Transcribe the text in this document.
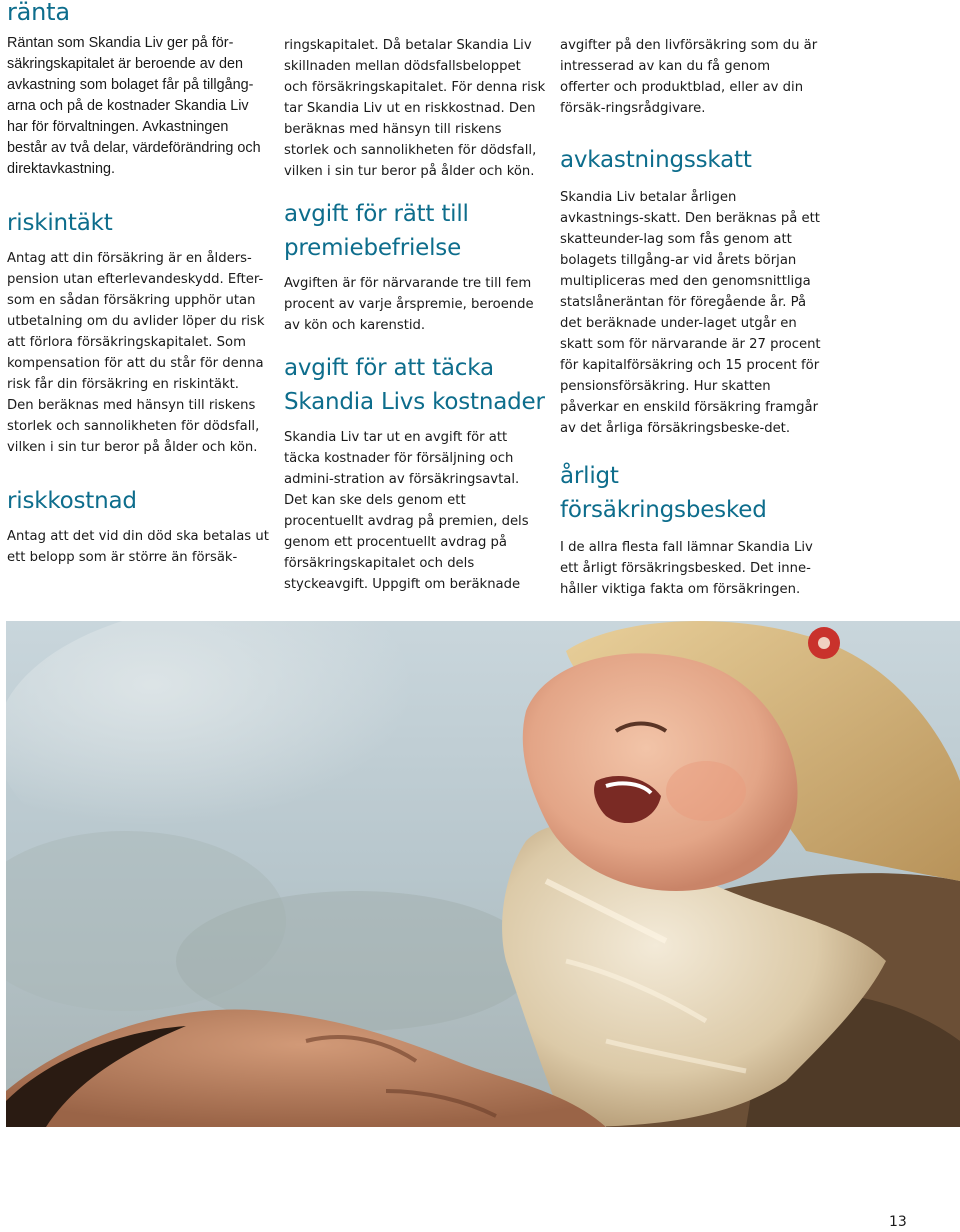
ränta

Räntan som Skandia Liv ger på för-säkringskapitalet är beroende av den avkastning som bolaget får på tillgång-arna och på de kostnader Skandia Liv har för förvaltningen. Avkastningen består av två delar, värdeförändring och direktavkastning.

riskintäkt

Antag att din försäkring är en ålders-pension utan efterlevandeskydd. Efter-som en sådan försäkring upphör utan utbetalning om du avlider löper du risk att förlora försäkringskapitalet. Som kompensation för att du står för denna risk får din försäkring en riskintäkt. Den beräknas med hänsyn till riskens storlek och sannolikheten för dödsfall, vilken i sin tur beror på ålder och kön.

riskkostnad

Antag att det vid din död ska betalas ut ett belopp som är större än försäk-

ringskapitalet. Då betalar Skandia Liv skillnaden mellan dödsfallsbeloppet och försäkringskapitalet. För denna risk tar Skandia Liv ut en riskkostnad. Den beräknas med hänsyn till riskens storlek och sannolikheten för dödsfall, vilken i sin tur beror på ålder och kön.

avgift för rätt till premiebefrielse

Avgiften är för närvarande tre till fem procent av varje årspremie, beroende av kön och karenstid.

avgift för att täcka Skandia Livs kostnader

Skandia Liv tar ut en avgift för att täcka kostnader för försäljning och admini-stration av försäkringsavtal. Det kan ske dels genom ett procentuellt avdrag på premien, dels genom ett procentuellt avdrag på försäkringskapitalet och dels styckeavgift. Uppgift om beräknade

avgifter på den livförsäkring som du är intresserad av kan du få genom offerter och produktblad, eller av din försäk-ringsrådgivare.

avkastningsskatt

Skandia Liv betalar årligen avkastnings-skatt. Den beräknas på ett skatteunder-lag som fås genom att bolagets tillgång-ar vid årets början multipliceras med den genomsnittliga statslåneräntan för föregående år. På det beräknade under-laget utgår en skatt som för närvarande är 27 procent för kapitalförsäkring och 15 procent för pensionsförsäkring. Hur skatten påverkar en enskild försäkring framgår av det årliga försäkringsbeske-det.

årligt försäkringsbesked

I de allra flesta fall lämnar Skandia Liv ett årligt försäkringsbesked. Det inne-håller viktiga fakta om försäkringen.

13
